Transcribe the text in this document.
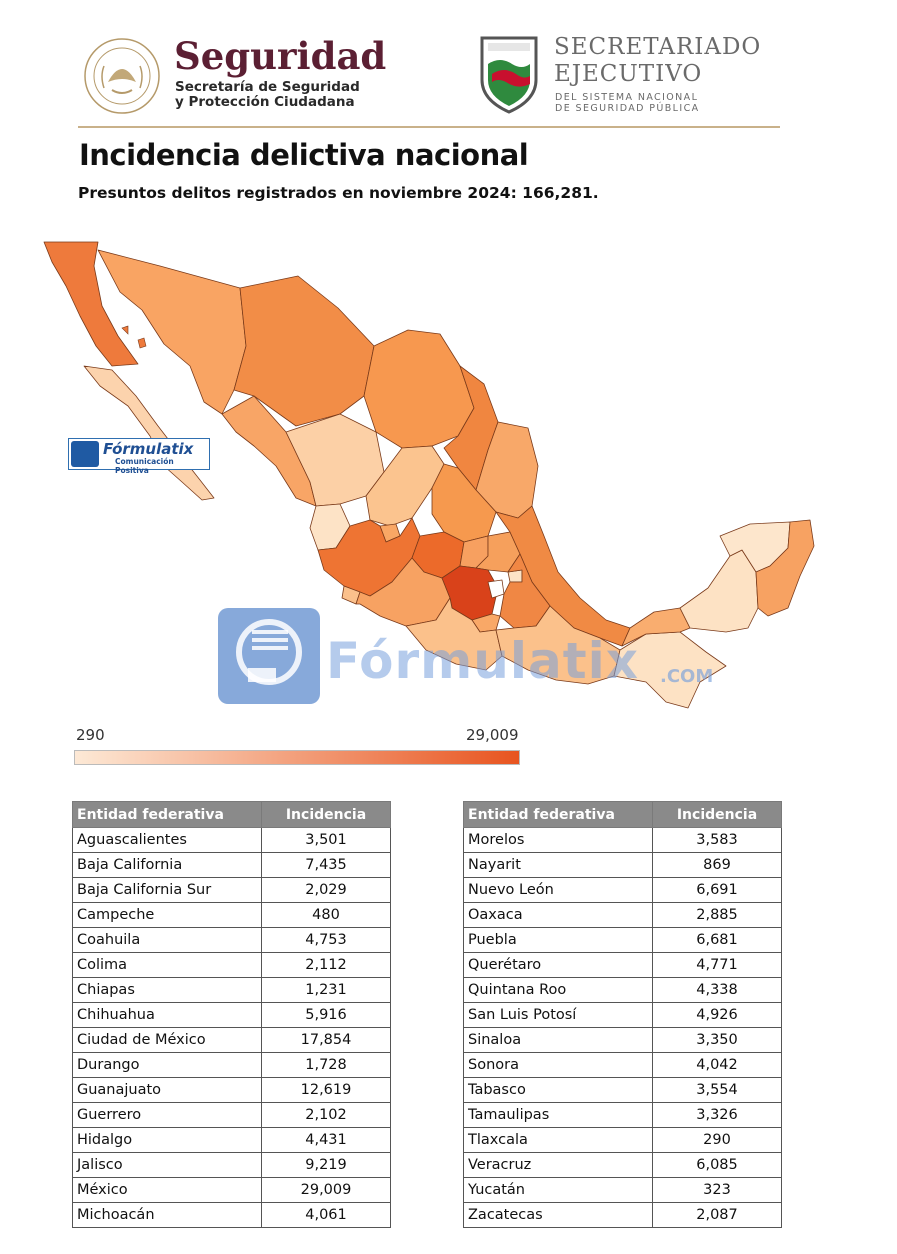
Seguridad
Secretaría de Seguridad
y Protección Ciudadana
SECRETARIADO
EJECUTIVO
DEL SISTEMA NACIONAL
DE SEGURIDAD PÚBLICA
Incidencia delictiva nacional
Presuntos delitos registrados en noviembre 2024: 166,281.
Fórmulatix
Comunicación Positiva
Fórmulatix .COM
290	29,009
Entidad federativa	Incidencia
Aguascalientes	3,501
Baja California	7,435
Baja California Sur	2,029
Campeche	480
Coahuila	4,753
Colima	2,112
Chiapas	1,231
Chihuahua	5,916
Ciudad de México	17,854
Durango	1,728
Guanajuato	12,619
Guerrero	2,102
Hidalgo	4,431
Jalisco	9,219
México	29,009
Michoacán	4,061
Entidad federativa	Incidencia
Morelos	3,583
Nayarit	869
Nuevo León	6,691
Oaxaca	2,885
Puebla	6,681
Querétaro	4,771
Quintana Roo	4,338
San Luis Potosí	4,926
Sinaloa	3,350
Sonora	4,042
Tabasco	3,554
Tamaulipas	3,326
Tlaxcala	290
Veracruz	6,085
Yucatán	323
Zacatecas	2,087
